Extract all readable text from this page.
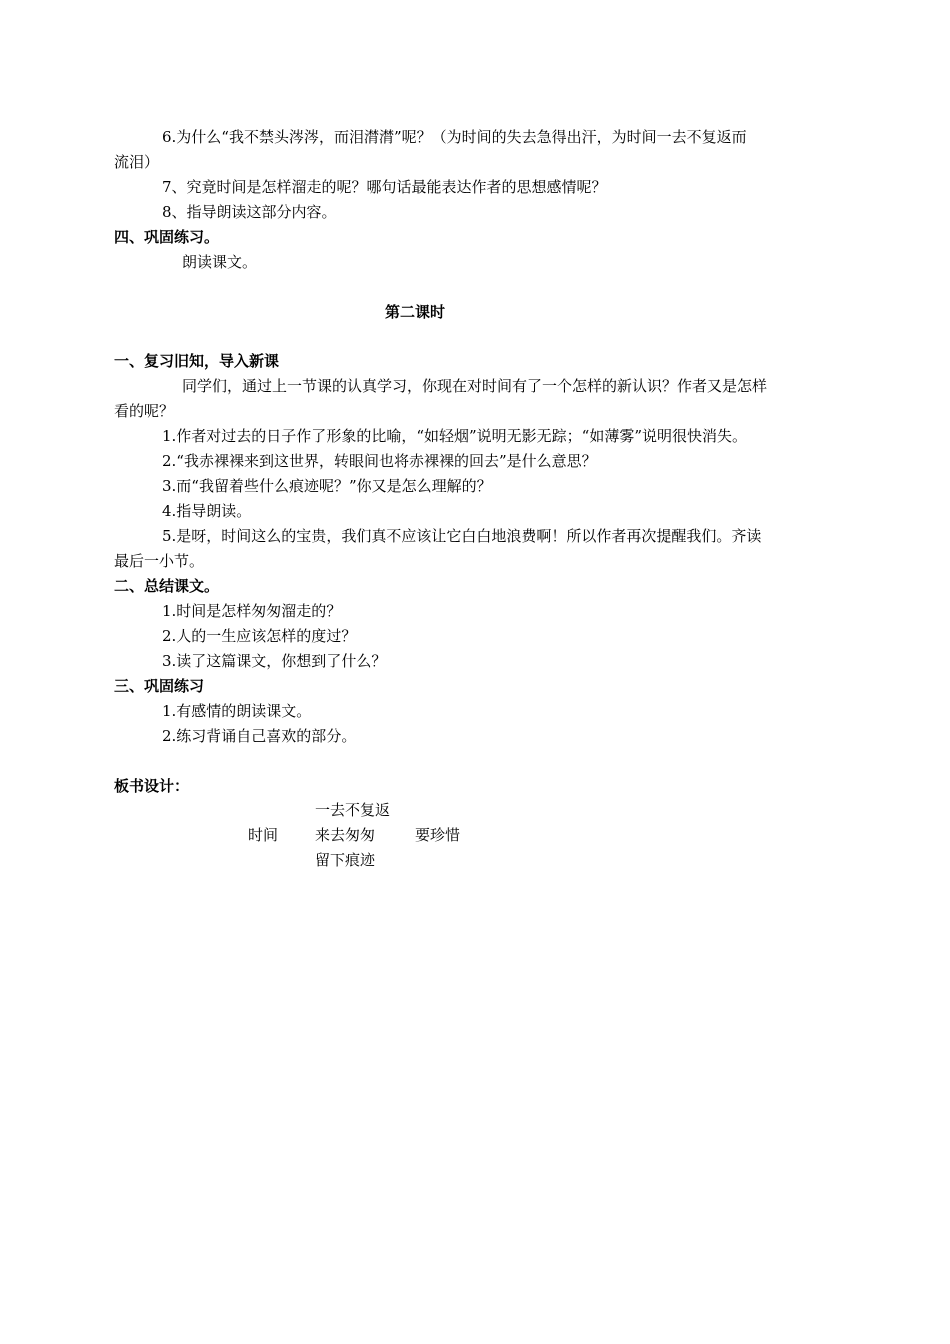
6.为什么“我不禁头涔涔，而泪潸潸”呢？（为时间的失去急得出汗，为时间一去不复返而
流泪）
7、究竟时间是怎样溜走的呢？哪句话最能表达作者的思想感情呢？
8、指导朗读这部分内容。
四、巩固练习。
朗读课文。
第二课时
一、复习旧知，导入新课
同学们，通过上一节课的认真学习，你现在对时间有了一个怎样的新认识？作者又是怎样
看的呢？
1.作者对过去的日子作了形象的比喻，“如轻烟”说明无影无踪；“如薄雾”说明很快消失。
2.“我赤裸裸来到这世界，转眼间也将赤裸裸的回去”是什么意思？
3.而“我留着些什么痕迹呢？”你又是怎么理解的？
4.指导朗读。
5.是呀，时间这么的宝贵，我们真不应该让它白白地浪费啊！所以作者再次提醒我们。齐读
最后一小节。
二、总结课文。
1.时间是怎样匆匆溜走的？
2.人的一生应该怎样的度过？
3.读了这篇课文，你想到了什么？
三、巩固练习
1.有感情的朗读课文。
2.练习背诵自己喜欢的部分。
板书设计：
一去不复返
时间 来去匆匆	要珍惜
留下痕迹
